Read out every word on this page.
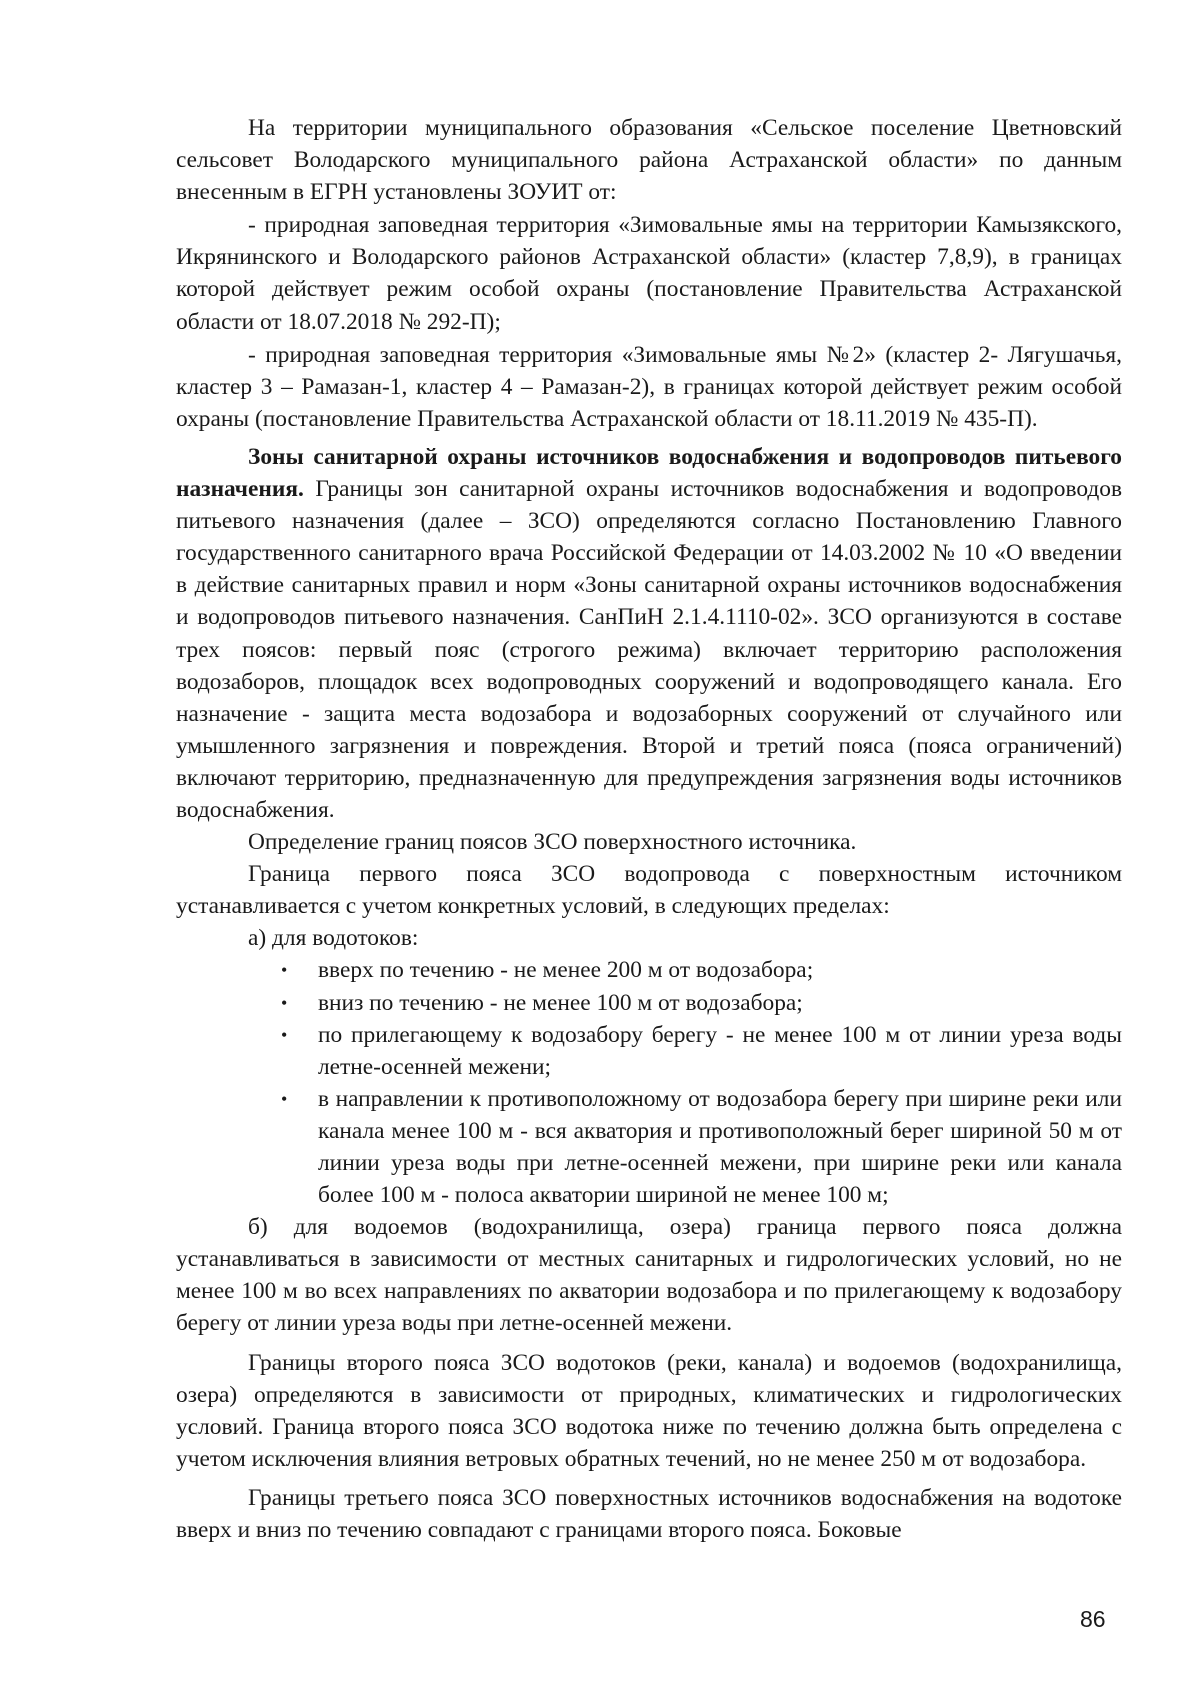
На территории муниципального образования «Сельское поселение Цветновский сельсовет Володарского муниципального района Астраханской области» по данным внесенным в ЕГРН установлены ЗОУИТ от:

- природная заповедная территория «Зимовальные ямы на территории Камызякского, Икрянинского и Володарского районов Астраханской области» (кластер 7,8,9), в границах которой действует режим особой охраны (постановление Правительства Астраханской области от 18.07.2018 № 292-П);

- природная заповедная территория «Зимовальные ямы №2» (кластер 2- Лягушачья, кластер 3 – Рамазан-1, кластер 4 – Рамазан-2), в границах которой действует режим особой охраны (постановление Правительства Астраханской области от 18.11.2019 № 435-П).

Зоны санитарной охраны источников водоснабжения и водопроводов питьевого назначения. Границы зон санитарной охраны источников водоснабжения и водопроводов питьевого назначения (далее – ЗСО) определяются согласно Постановлению Главного государственного санитарного врача Российской Федерации от 14.03.2002 № 10 «О введении в действие санитарных правил и норм «Зоны санитарной охраны источников водоснабжения и водопроводов питьевого назначения. СанПиН 2.1.4.1110-02». ЗСО организуются в составе трех поясов: первый пояс (строгого режима) включает территорию расположения водозаборов, площадок всех водопроводных сооружений и водопроводящего канала. Его назначение - защита места водозабора и водозаборных сооружений от случайного или умышленного загрязнения и повреждения. Второй и третий пояса (пояса ограничений) включают территорию, предназначенную для предупреждения загрязнения воды источников водоснабжения.

Определение границ поясов ЗСО поверхностного источника.

Граница первого пояса ЗСО водопровода с поверхностным источником устанавливается с учетом конкретных условий, в следующих пределах:

а) для водотоков:

• вверх по течению - не менее 200 м от водозабора;
• вниз по течению - не менее 100 м от водозабора;
• по прилегающему к водозабору берегу - не менее 100 м от линии уреза воды летне-осенней межени;
• в направлении к противоположному от водозабора берегу при ширине реки или канала менее 100 м - вся акватория и противоположный берег шириной 50 м от линии уреза воды при летне-осенней межени, при ширине реки или канала более 100 м - полоса акватории шириной не менее 100 м;

б) для водоемов (водохранилища, озера) граница первого пояса должна устанавливаться в зависимости от местных санитарных и гидрологических условий, но не менее 100 м во всех направлениях по акватории водозабора и по прилегающему к водозабору берегу от линии уреза воды при летне-осенней межени.

Границы второго пояса ЗСО водотоков (реки, канала) и водоемов (водохранилища, озера) определяются в зависимости от природных, климатических и гидрологических условий. Граница второго пояса ЗСО водотока ниже по течению должна быть определена с учетом исключения влияния ветровых обратных течений, но не менее 250 м от водозабора.

Границы третьего пояса ЗСО поверхностных источников водоснабжения на водотоке вверх и вниз по течению совпадают с границами второго пояса. Боковые

86
